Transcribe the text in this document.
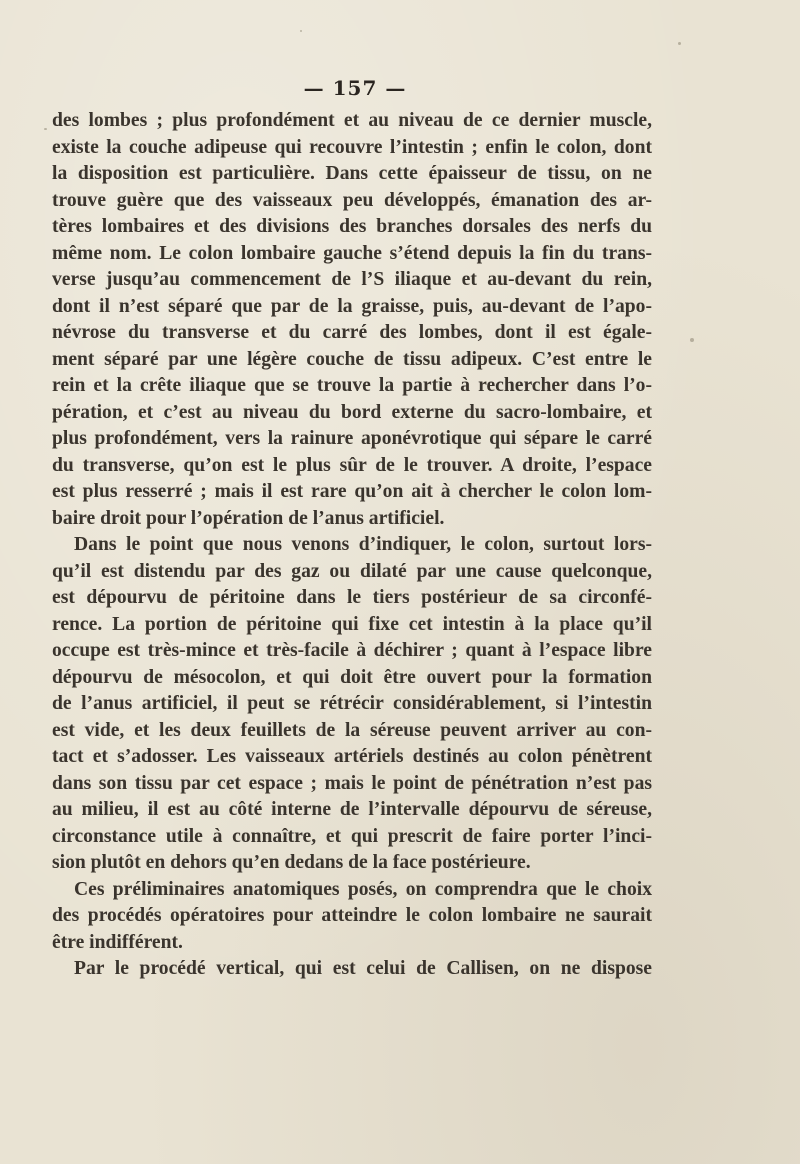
— 157 —
des lombes ; plus profondément et au niveau de ce dernier muscle,
existe la couche adipeuse qui recouvre l’intestin ; enfin le colon, dont
la disposition est particulière. Dans cette épaisseur de tissu, on ne
trouve guère que des vaisseaux peu développés, émanation des ar-
tères lombaires et des divisions des branches dorsales des nerfs du
même nom. Le colon lombaire gauche s’étend depuis la fin du trans-
verse jusqu’au commencement de l’S iliaque et au-devant du rein,
dont il n’est séparé que par de la graisse, puis, au-devant de l’apo-
névrose du transverse et du carré des lombes, dont il est égale-
ment séparé par une légère couche de tissu adipeux. C’est entre le
rein et la crête iliaque que se trouve la partie à rechercher dans l’o-
pération, et c’est au niveau du bord externe du sacro-lombaire, et
plus profondément, vers la rainure aponévrotique qui sépare le carré
du transverse, qu’on est le plus sûr de le trouver. A droite, l’espace
est plus resserré ; mais il est rare qu’on ait à chercher le colon lom-
baire droit pour l’opération de l’anus artificiel.
Dans le point que nous venons d’indiquer, le colon, surtout lors-
qu’il est distendu par des gaz ou dilaté par une cause quelconque,
est dépourvu de péritoine dans le tiers postérieur de sa circonfé-
rence. La portion de péritoine qui fixe cet intestin à la place qu’il
occupe est très-mince et très-facile à déchirer ; quant à l’espace libre
dépourvu de mésocolon, et qui doit être ouvert pour la formation
de l’anus artificiel, il peut se rétrécir considérablement, si l’intestin
est vide, et les deux feuillets de la séreuse peuvent arriver au con-
tact et s’adosser. Les vaisseaux artériels destinés au colon pénètrent
dans son tissu par cet espace ; mais le point de pénétration n’est pas
au milieu, il est au côté interne de l’intervalle dépourvu de séreuse,
circonstance utile à connaître, et qui prescrit de faire porter l’inci-
sion plutôt en dehors qu’en dedans de la face postérieure.
Ces préliminaires anatomiques posés, on comprendra que le choix
des procédés opératoires pour atteindre le colon lombaire ne saurait
être indifférent.
Par le procédé vertical, qui est celui de Callisen, on ne dispose
